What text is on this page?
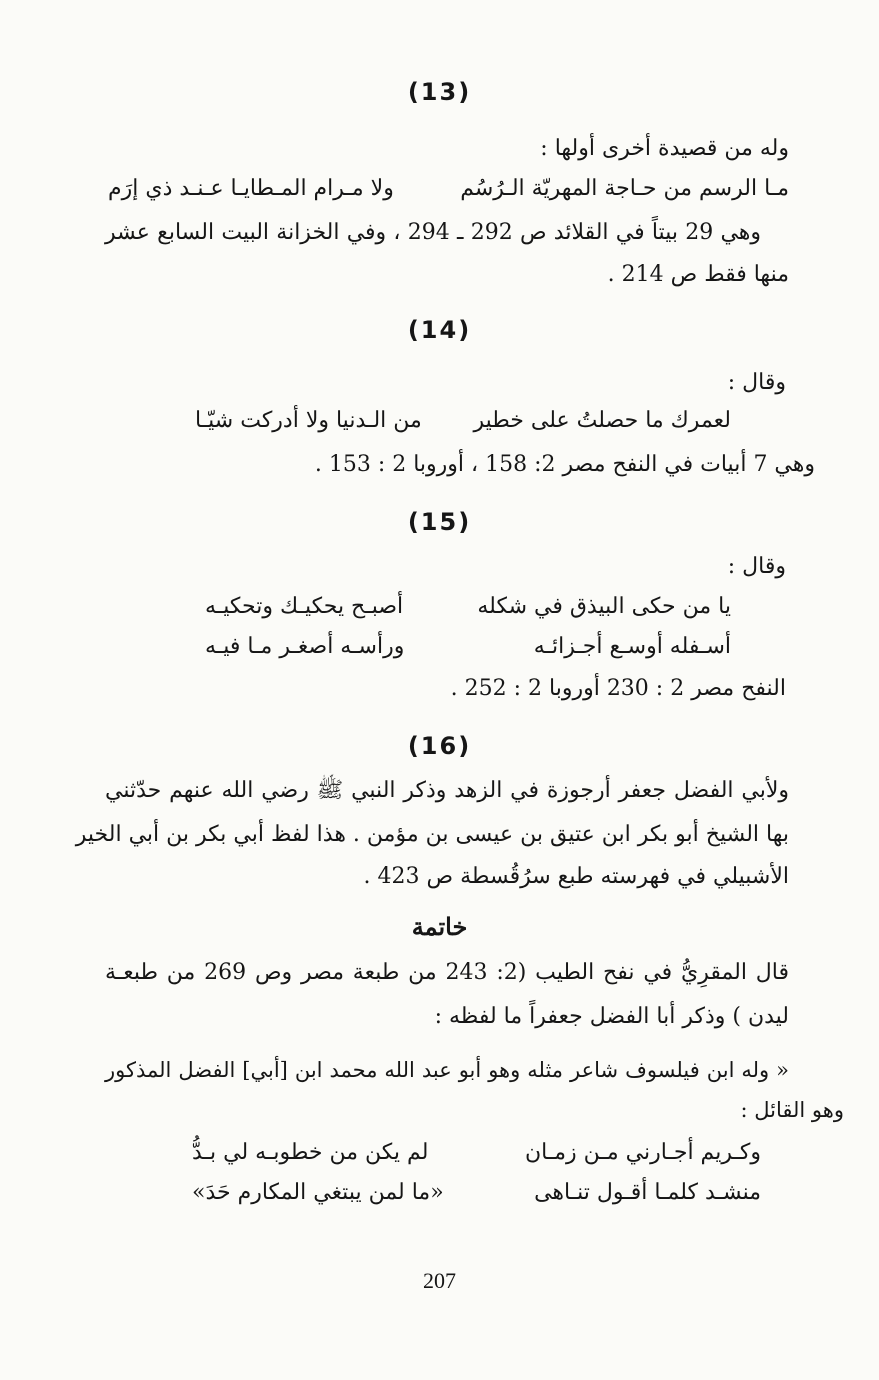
(13)
وله من قصيدة أخرى أولها :
مـا الرسم من حـاجة المهريّة الـرُسُم
ولا مـرام المـطايـا عـنـد ذي إرَم
وهي 29 بيتاً في القلائد ص 292 ـ 294 ، وفي الخزانة البيت السابع عشر
منها فقط ص 214 .
(14)
وقال :
لعمرك ما حصلتُ على خطير
من الـدنيا ولا أدركت شيّـا
وهي 7 أبيات في النفح مصر 2: 158 ، أوروبا 2 : 153 .
(15)
وقال :
يا من حكى البيذق في شكله
أصبـح يحكيـك وتحكيـه
أسـفله أوسـع أجـزائـه
ورأسـه أصغـر مـا فيـه
النفح مصر 2 : 230 أوروبا 2 : 252 .
(16)
ولأبي الفضل جعفر أرجوزة في الزهد وذكر النبي ﷺ رضي الله عنهم حدّثني
بها الشيخ أبو بكر ابن عتيق بن عيسى بن مؤمن . هذا لفظ أبي بكر بن أبي الخير
الأشبيلي في فهرسته طبع سرُقُسطة ص 423 .
خاتمة
قال المقرِيُّ في نفح الطيب (2: 243 من طبعة مصر وص 269 من طبعـة
ليدن ) وذكر أبا الفضل جعفراً ما لفظه :
« وله ابن فيلسوف شاعر مثله وهو أبو عبد الله محمد ابن [أبي] الفضل المذكور
وهو القائل :
وكـريم أجـارني مـن زمـان
لم يكن من خطوبـه لي بـدُّ
منشـد كلمـا أقـول تنـاهى
«ما لمن يبتغي المكارم حَدَ»
207
